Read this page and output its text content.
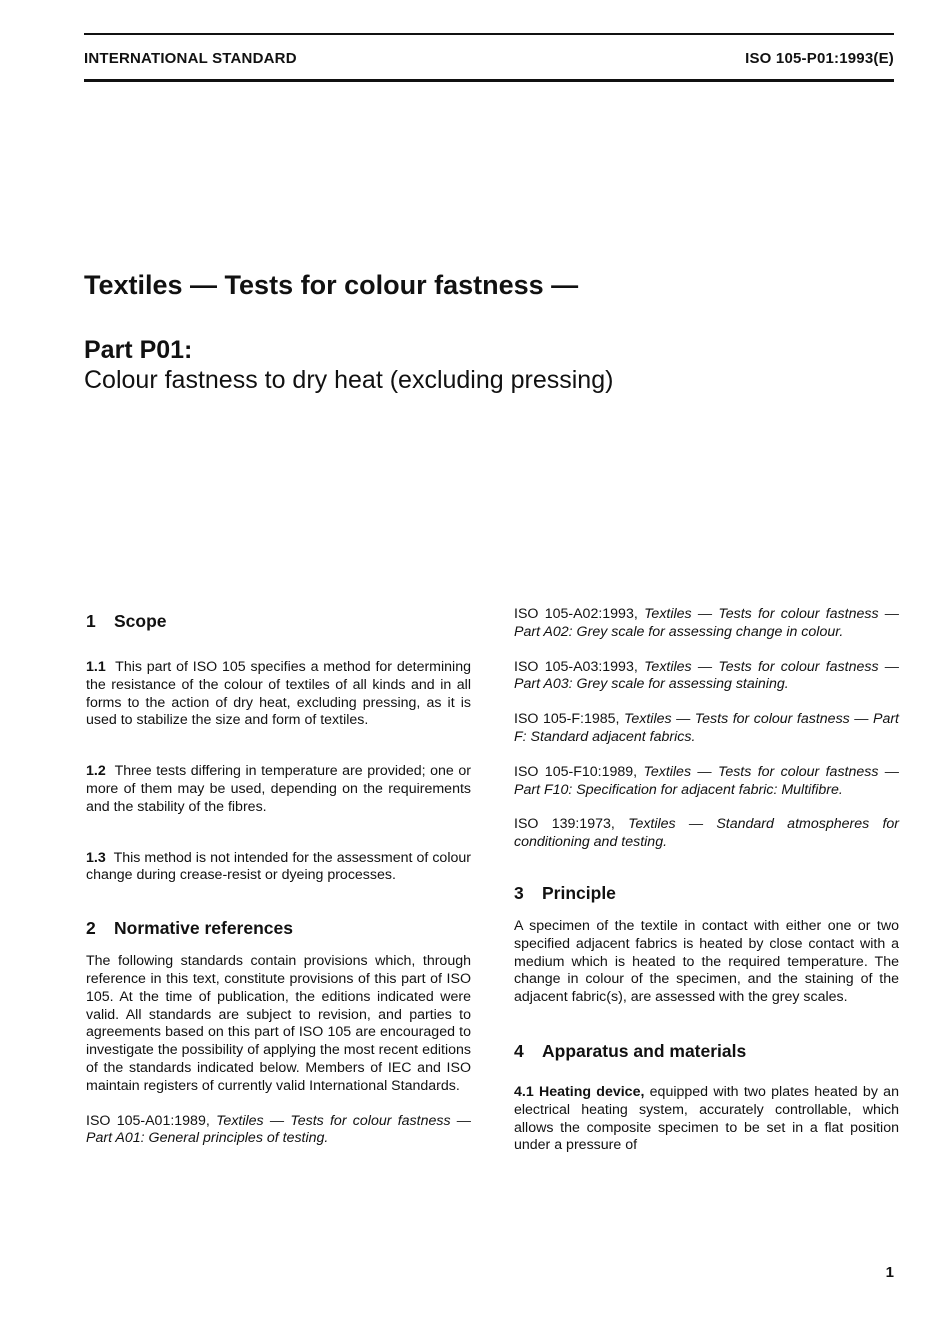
INTERNATIONAL STANDARD	ISO 105-P01:1993(E)
Textiles — Tests for colour fastness —
Part P01:
Colour fastness to dry heat (excluding pressing)
1 Scope

1.1 This part of ISO 105 specifies a method for determining the resistance of the colour of textiles of all kinds and in all forms to the action of dry heat, excluding pressing, as it is used to stabilize the size and form of textiles.

1.2 Three tests differing in temperature are provided; one or more of them may be used, depending on the requirements and the stability of the fibres.

1.3 This method is not intended for the assessment of colour change during crease-resist or dyeing processes.

2 Normative references

The following standards contain provisions which, through reference in this text, constitute provisions of this part of ISO 105. At the time of publication, the editions indicated were valid. All standards are subject to revision, and parties to agreements based on this part of ISO 105 are encouraged to investigate the possibility of applying the most recent editions of the standards indicated below. Members of IEC and ISO maintain registers of currently valid International Standards.

ISO 105-A01:1989, Textiles — Tests for colour fastness — Part A01: General principles of testing.

ISO 105-A02:1993, Textiles — Tests for colour fastness — Part A02: Grey scale for assessing change in colour.

ISO 105-A03:1993, Textiles — Tests for colour fastness — Part A03: Grey scale for assessing staining.

ISO 105-F:1985, Textiles — Tests for colour fastness — Part F: Standard adjacent fabrics.

ISO 105-F10:1989, Textiles — Tests for colour fastness — Part F10: Specification for adjacent fabric: Multifibre.

ISO 139:1973, Textiles — Standard atmospheres for conditioning and testing.

3 Principle

A specimen of the textile in contact with either one or two specified adjacent fabrics is heated by close contact with a medium which is heated to the required temperature. The change in colour of the specimen, and the staining of the adjacent fabric(s), are assessed with the grey scales.

4 Apparatus and materials

4.1 Heating device, equipped with two plates heated by an electrical heating system, accurately controllable, which allows the composite specimen to be set in a flat position under a pressure of

1
